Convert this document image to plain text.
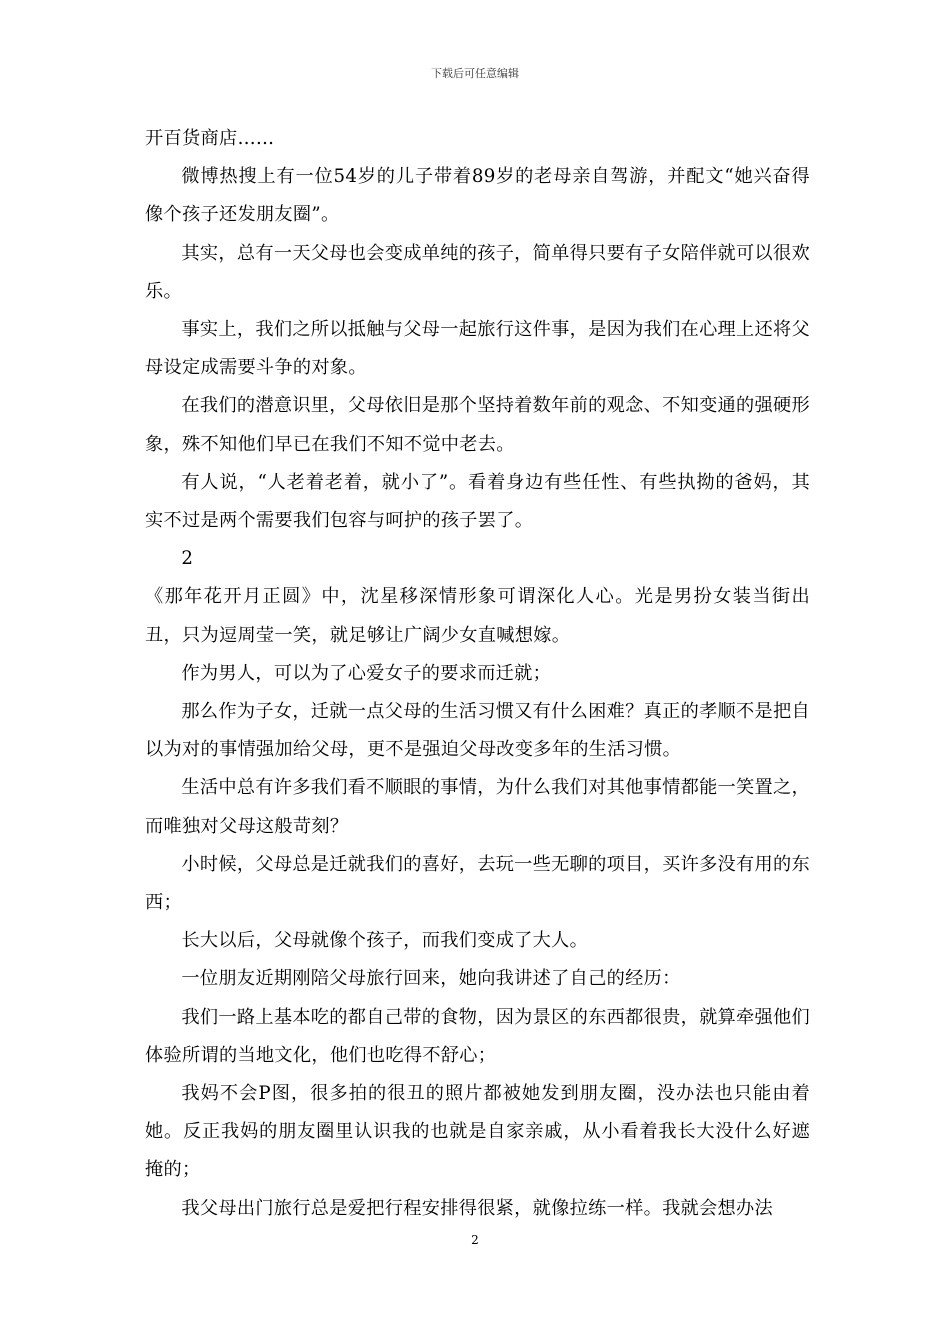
下载后可任意编辑

开百货商店……

微博热搜上有一位54岁的儿子带着89岁的老母亲自驾游，并配文“她兴奋得像个孩子还发朋友圈”。

其实，总有一天父母也会变成单纯的孩子，简单得只要有子女陪伴就可以很欢乐。

事实上，我们之所以抵触与父母一起旅行这件事，是因为我们在心理上还将父母设定成需要斗争的对象。

在我们的潜意识里，父母依旧是那个坚持着数年前的观念、不知变通的强硬形象，殊不知他们早已在我们不知不觉中老去。

有人说，“人老着老着，就小了”。看着身边有些任性、有些执拗的爸妈，其实不过是两个需要我们包容与呵护的孩子罢了。

2

《那年花开月正圆》中，沈星移深情形象可谓深化人心。光是男扮女装当街出丑，只为逗周莹一笑，就足够让广阔少女直喊想嫁。

作为男人，可以为了心爱女子的要求而迁就；

那么作为子女，迁就一点父母的生活习惯又有什么困难？真正的孝顺不是把自以为对的事情强加给父母，更不是强迫父母改变多年的生活习惯。

生活中总有许多我们看不顺眼的事情，为什么我们对其他事情都能一笑置之，而唯独对父母这般苛刻？

小时候，父母总是迁就我们的喜好，去玩一些无聊的项目，买许多没有用的东西；

长大以后，父母就像个孩子，而我们变成了大人。

一位朋友近期刚陪父母旅行回来，她向我讲述了自己的经历：

我们一路上基本吃的都自己带的食物，因为景区的东西都很贵，就算牵强他们体验所谓的当地文化，他们也吃得不舒心；

我妈不会P图，很多拍的很丑的照片都被她发到朋友圈，没办法也只能由着她。反正我妈的朋友圈里认识我的也就是自家亲戚，从小看着我长大没什么好遮掩的；

我父母出门旅行总是爱把行程安排得很紧，就像拉练一样。我就会想办法

2
